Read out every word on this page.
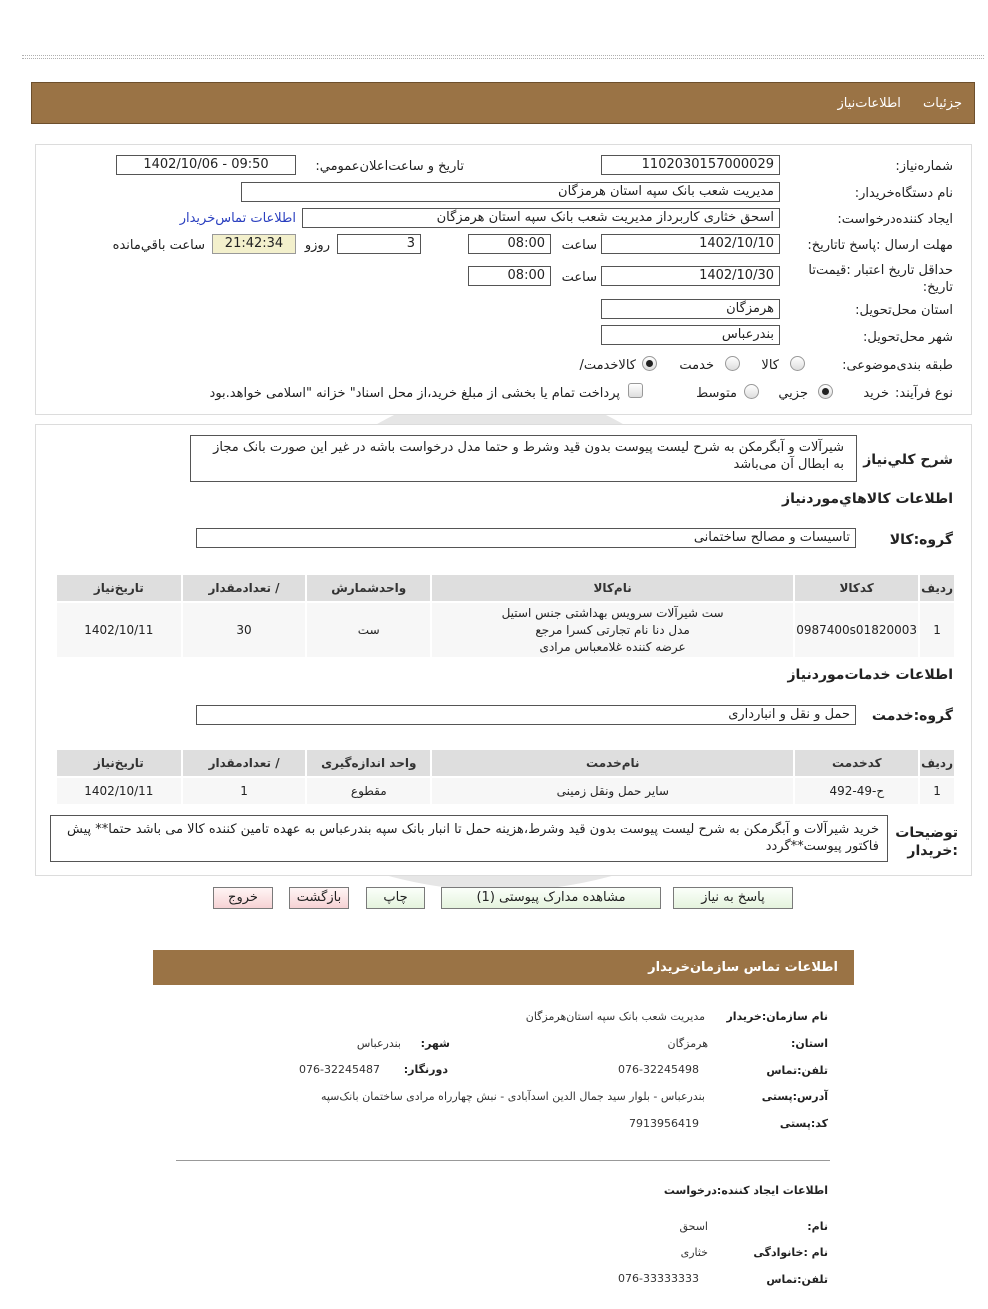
جزئیات اطلاعات‌نیاز
شماره‌نیاز:
1102030157000029
تاریخ و ساعت‌اعلان‌عمومي:
1402/10/06 - 09:50
نام دستگاه‌خریدار:
مدیریت شعب بانک سپه استان هرمزگان
ایجاد کننده‌درخواست:
اسحق خثاری کاربرداز مدیریت شعب بانک سپه استان هرمزگان
اطلاعات تماس‌خریدار
مهلت ارسال :پاسخ تا‌تاریخ:
1402/10/10
ساعت
08:00
3
روزو
21:42:34
ساعت باقي‌مانده
حداقل تاریخ اعتبار :قیمت‌تا تاریخ:
1402/10/30
ساعت
08:00
استان محل‌تحویل:
هرمزگان
شهر محل‌تحویل:
بندرعباس
طبقه بندی‌موضوعی:
کالا
خدمت
کالا‌خدمت/
نوع فرآیند:
خرید
جزيي
متوسط
پرداخت تمام یا بخشی از مبلغ خرید،از محل اسناد" خزانه "اسلامی خواهد.بود
شرح کلي‌نیاز
شیرآلات و آبگرمکن به شرح لیست پیوست بدون قید وشرط و حتما مدل درخواست باشه در غیر این صورت بانک مجاز به ابطال آن می‌باشد
اطلاعات کالاهاي‌موردنیاز
گروه:کالا
تاسیسات و مصالح ساختمانی
ردیف	کدکالا	نام‌کالا	واحدشمارش	/ تعدادمقدار	تاریخ‌نیاز
1	0987400s01820003	ست شیرآلات سرویس بهداشتی جنس استیل
مدل دنا نام تجارتی کسرا مرجع
عرضه کننده غلامعباس مرادی	ست	30	1402/10/11
اطلاعات خدمات‌موردنیاز
گروه:خدمت
حمل و نقل و انبارداری
ردیف	کدخدمت	نام‌خدمت	واحد اندازه‌گیری	/ تعدادمقدار	تاریخ‌نیاز
1	ح-49-492	سایر حمل ونقل زمینی	مقطوع	1	1402/10/11
توضیحات :خریدار
خرید شیرآلات و آبگرمکن به شرح لیست پیوست بدون قید وشرط،هزینه حمل تا انبار بانک سپه بندرعباس به عهده تامین کننده کالا می باشد حتما** پیش فاکتور پیوست**گردد
پاسخ به نیاز
مشاهده مدارک پیوستی (1)
چاپ
بازگشت
خروج
اطلاعات تماس سازمان‌خریدار
نام سازمان:خریدار
مدیریت شعب بانک سپه استان‌هرمزگان
استان:
هرمزگان
شهر:
بندرعباس
تلفن:تماس
076-32245498
دورنگار:
076-32245487
آدرس:پستی
بندرعباس - بلوار سید جمال الدین اسدآبادی - نبش چهارراه مرادی ساختمان بانک‌سپه
کد:پستی
7913956419
اطلاعات ایجاد کننده:درخواست
نام:
اسحق
نام :خانوادگی
خثاری
تلفن:تماس
076-33333333
